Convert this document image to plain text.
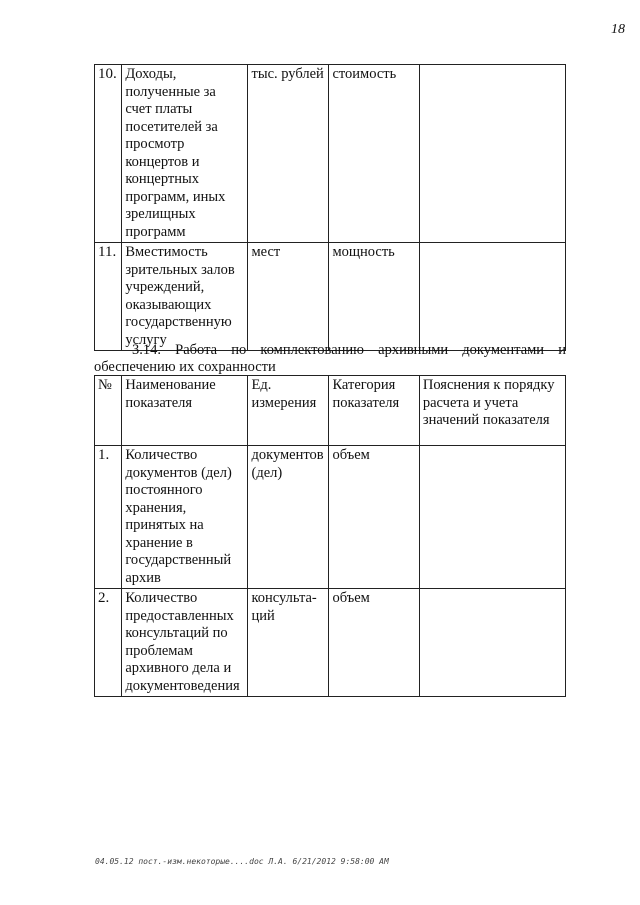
18
10.	Доходы, полученные за счет платы посетителей за просмотр концертов и концертных программ, иных зрелищных программ	тыс. рублей	стоимость	
11.	Вместимость зрительных залов учреждений, оказывающих государственную услугу	мест	мощность	
3.14. Работа по комплектованию архивными документами и
обеспечению их сохранности
№	Наименование показателя	Ед. измерения	Категория показателя	Пояснения к порядку расчета и учета значений показателя
1.	Количество документов (дел) постоянного хранения, принятых на хранение в государственный архив	документов (дел)	объем	
2.	Количество предоставленных консультаций по проблемам архивного дела и документоведения	консульта-ций	объем	
04.05.12 пост.-изм.некоторые....doc Л.А. 6/21/2012 9:58:00 AM
